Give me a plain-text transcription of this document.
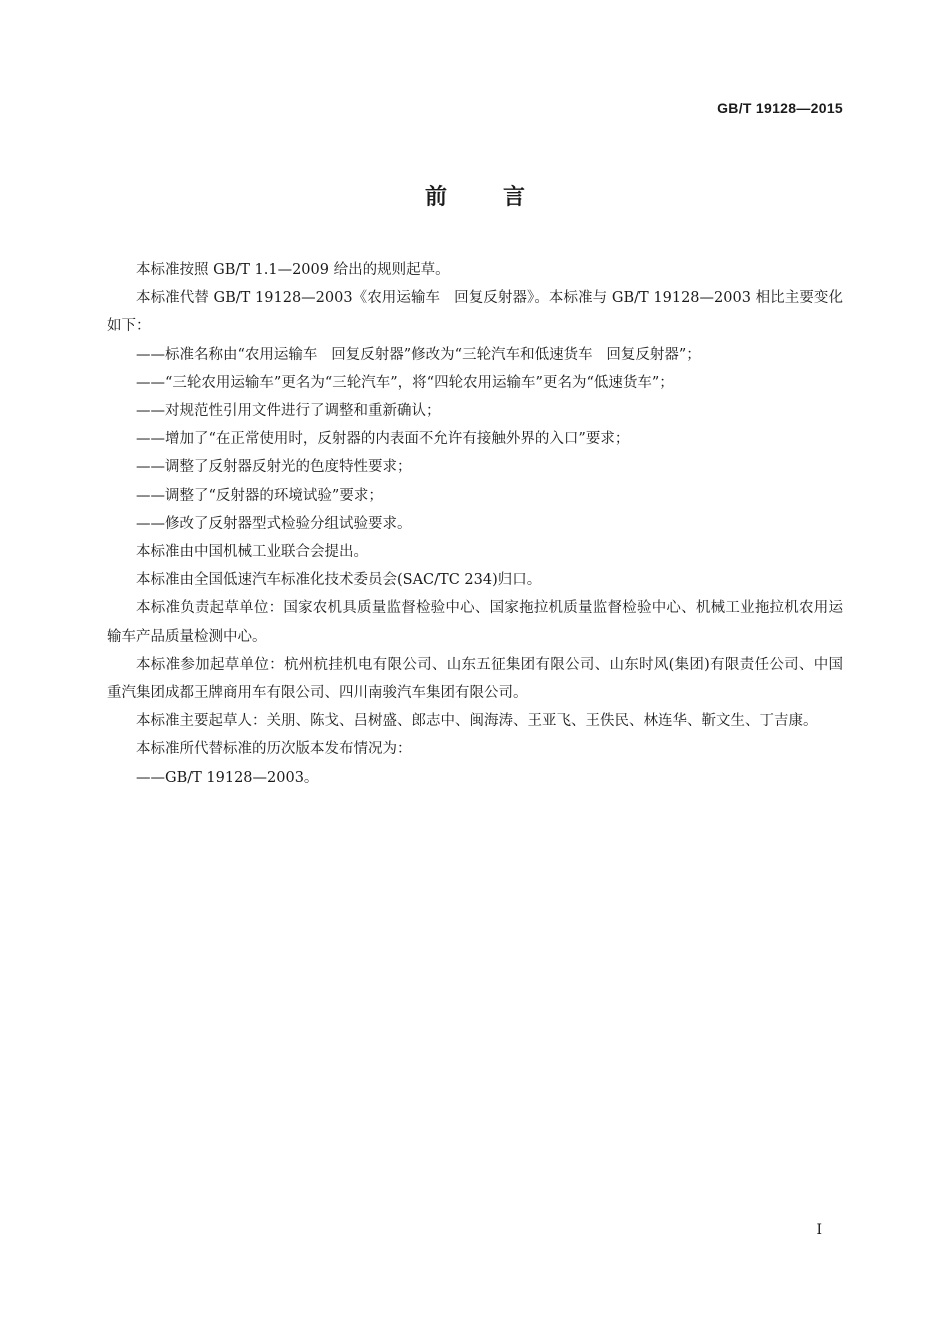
GB/T 19128—2015
前言

本标准按照 GB/T 1.1—2009 给出的规则起草。

本标准代替 GB/T 19128—2003《农用运输车   回复反射器》。本标准与 GB/T 19128—2003 相比主要变化如下：

——标准名称由“农用运输车   回复反射器”修改为“三轮汽车和低速货车   回复反射器”；

——“三轮农用运输车”更名为“三轮汽车”，将“四轮农用运输车”更名为“低速货车”；

——对规范性引用文件进行了调整和重新确认；

——增加了“在正常使用时，反射器的内表面不允许有接触外界的入口”要求；

——调整了反射器反射光的色度特性要求；

——调整了“反射器的环境试验”要求；

——修改了反射器型式检验分组试验要求。

本标准由中国机械工业联合会提出。

本标准由全国低速汽车标准化技术委员会(SAC/TC 234)归口。

本标准负责起草单位：国家农机具质量监督检验中心、国家拖拉机质量监督检验中心、机械工业拖拉机农用运输车产品质量检测中心。

本标准参加起草单位：杭州杭挂机电有限公司、山东五征集团有限公司、山东时风(集团)有限责任公司、中国重汽集团成都王牌商用车有限公司、四川南骏汽车集团有限公司。

本标准主要起草人：关朋、陈戈、吕树盛、郎志中、闽海涛、王亚飞、王佚民、林连华、靳文生、丁吉康。

本标准所代替标准的历次版本发布情况为：

——GB/T 19128—2003。

I
